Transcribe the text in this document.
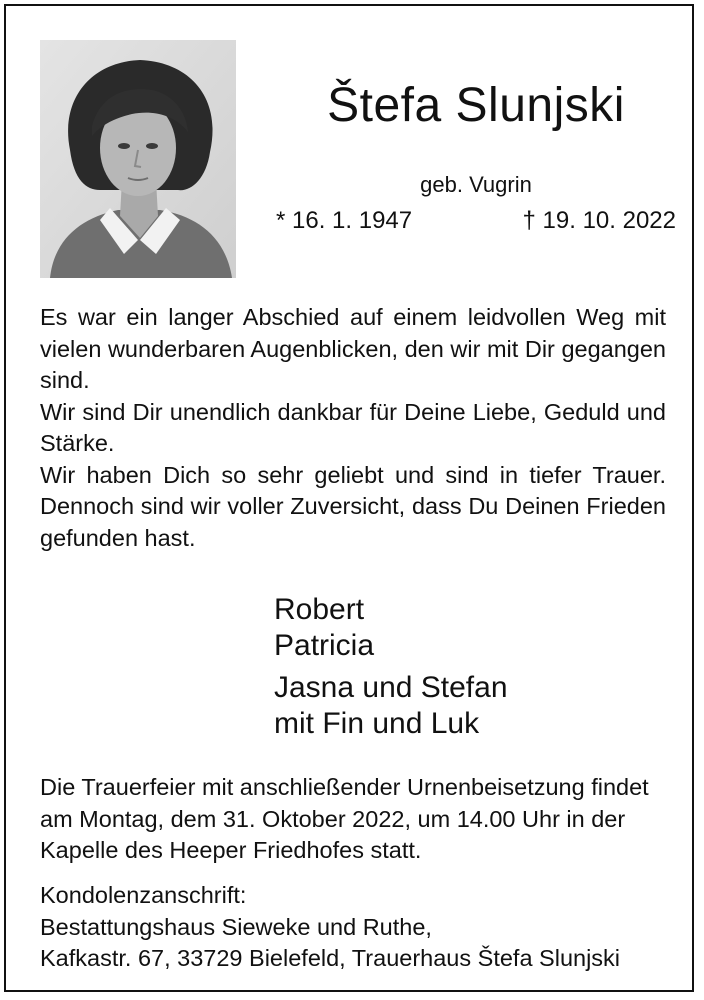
Štefa Slunjski
geb. Vugrin
* 16. 1. 1947	† 19. 10. 2022

Es war ein langer Abschied auf einem leidvollen Weg mit vielen wunderbaren Augenblicken, den wir mit Dir gegangen sind.

Wir sind Dir unendlich dankbar für Deine Liebe, Geduld und Stärke.

Wir haben Dich so sehr geliebt und sind in tiefer Trauer. Dennoch sind wir voller Zuversicht, dass Du Deinen Frieden gefunden hast.

Robert
Patricia
Jasna und Stefan
mit Fin und Luk

Die Trauerfeier mit anschließender Urnenbeisetzung findet am Montag, dem 31. Oktober 2022, um 14.00 Uhr in der Kapelle des Heeper Friedhofes statt.

Kondolenzanschrift:

Bestattungshaus Sieweke und Ruthe,

Kafkastr. 67, 33729 Bielefeld, Trauerhaus Štefa Slunjski
